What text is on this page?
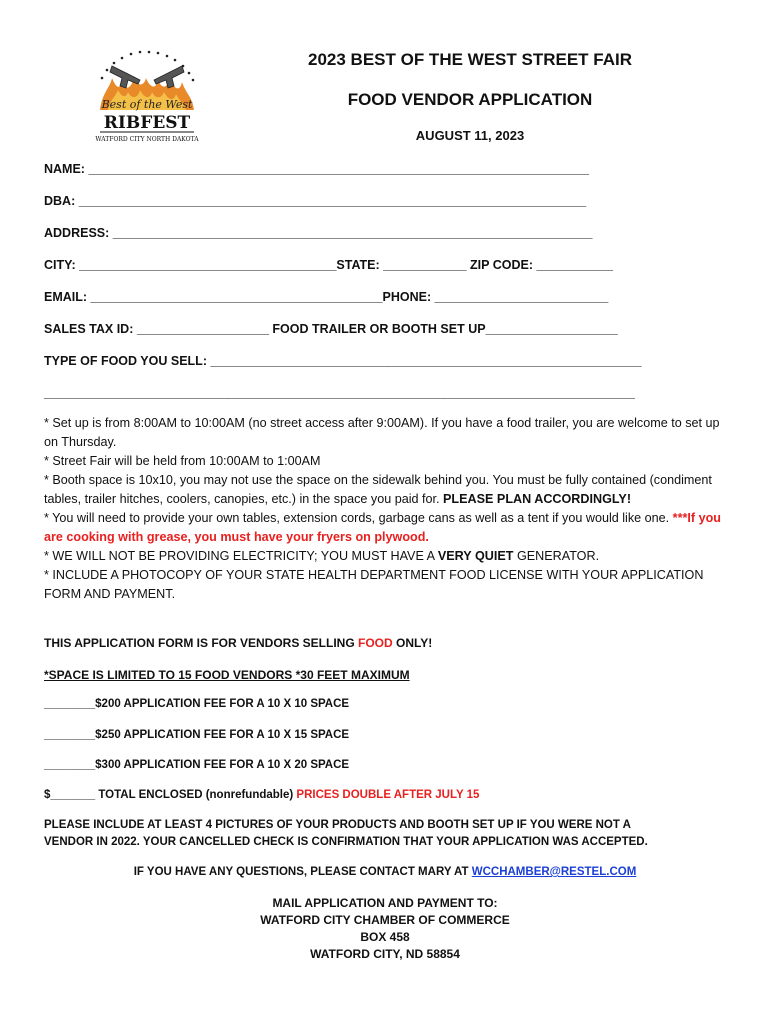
Best of the West
RIBFEST
WATFORD CITY NORTH DAKOTA
2023 BEST OF THE WEST STREET FAIR
FOOD VENDOR APPLICATION
AUGUST 11, 2023
NAME: ________________________________________________________________________
DBA: _________________________________________________________________________
ADDRESS: _____________________________________________________________________
CITY: _____________________________________STATE: ____________ ZIP CODE: ___________
EMAIL: __________________________________________PHONE: _________________________
SALES TAX ID: ___________________ FOOD TRAILER OR BOOTH SET UP___________________
TYPE OF FOOD YOU SELL: ______________________________________________________________
_____________________________________________________________________________________

* Set up is from 8:00AM to 10:00AM (no street access after 9:00AM). If you have a food trailer, you are welcome to set up on Thursday.

* Street Fair will be held from 10:00AM to 1:00AM

* Booth space is 10x10, you may not use the space on the sidewalk behind you. You must be fully contained (condiment tables, trailer hitches, coolers, canopies, etc.) in the space you paid for. PLEASE PLAN ACCORDINGLY!

* You will need to provide your own tables, extension cords, garbage cans as well as a tent if you would like one. ***If you are cooking with grease, you must have your fryers on plywood.

* WE WILL NOT BE PROVIDING ELECTRICITY; YOU MUST HAVE A VERY QUIET GENERATOR.

* INCLUDE A PHOTOCOPY OF YOUR STATE HEALTH DEPARTMENT FOOD LICENSE WITH YOUR APPLICATION FORM AND PAYMENT.

THIS APPLICATION FORM IS FOR VENDORS SELLING FOOD ONLY!
*SPACE IS LIMITED TO 15 FOOD VENDORS *30 FEET MAXIMUM
________$200 APPLICATION FEE FOR A 10 X 10 SPACE
________$250 APPLICATION FEE FOR A 10 X 15 SPACE
________$300 APPLICATION FEE FOR A 10 X 20 SPACE
$_______ TOTAL ENCLOSED (nonrefundable) PRICES DOUBLE AFTER JULY 15
PLEASE INCLUDE AT LEAST 4 PICTURES OF YOUR PRODUCTS AND BOOTH SET UP IF YOU WERE NOT A
VENDOR IN 2022. YOUR CANCELLED CHECK IS CONFIRMATION THAT YOUR APPLICATION WAS ACCEPTED.
IF YOU HAVE ANY QUESTIONS, PLEASE CONTACT MARY AT WCCHAMBER@RESTEL.COM
MAIL APPLICATION AND PAYMENT TO:
WATFORD CITY CHAMBER OF COMMERCE
BOX 458
WATFORD CITY, ND 58854
